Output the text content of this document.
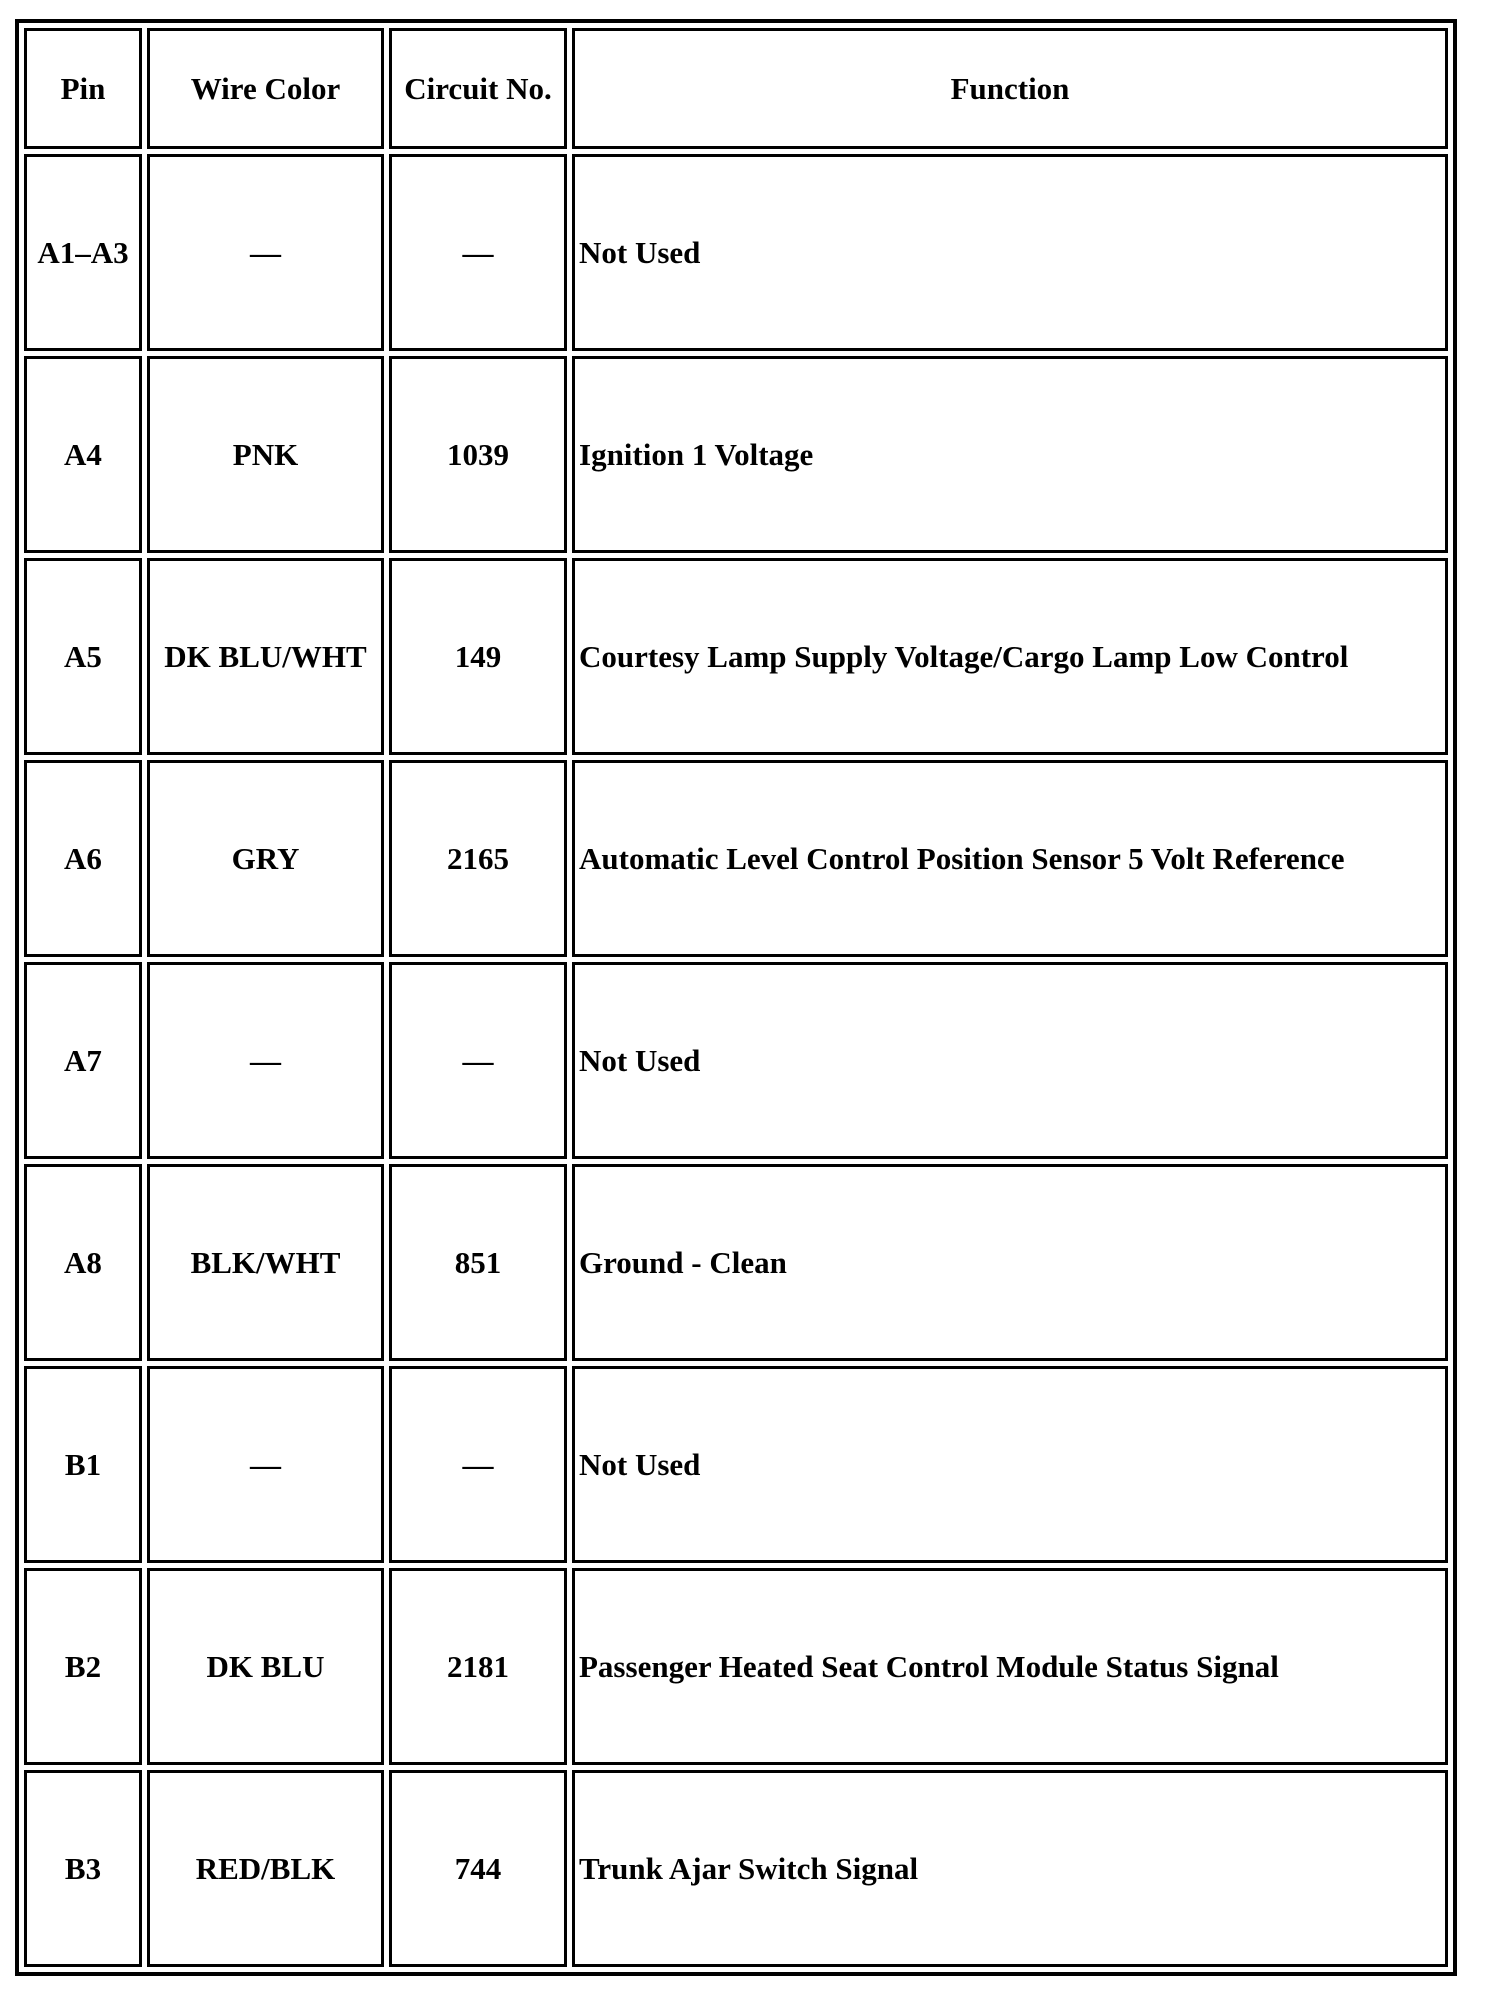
Pin	Wire Color	Circuit No.	Function
A1–A3	—	—	Not Used
A4	PNK	1039	Ignition 1 Voltage
A5	DK BLU/WHT	149	Courtesy Lamp Supply Voltage/Cargo Lamp Low Control
A6	GRY	2165	Automatic Level Control Position Sensor 5 Volt Reference
A7	—	—	Not Used
A8	BLK/WHT	851	Ground - Clean
B1	—	—	Not Used
B2	DK BLU	2181	Passenger Heated Seat Control Module Status Signal
B3	RED/BLK	744	Trunk Ajar Switch Signal
